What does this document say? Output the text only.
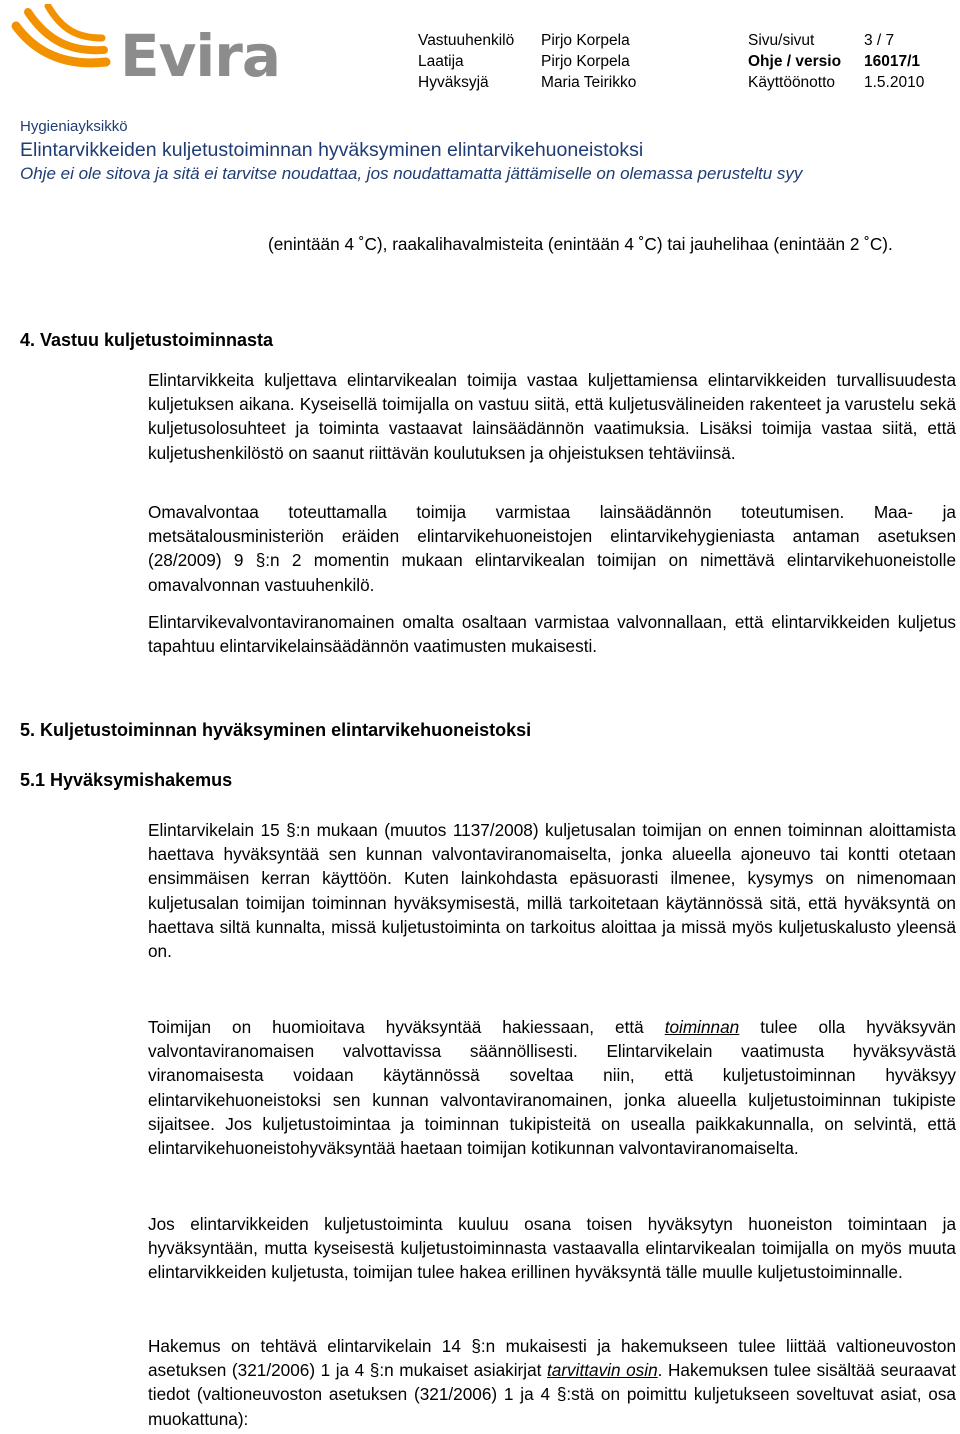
Evira	Vastuuhenkilö
Laatija
Hyväksyjä
Pirjo Korpela
Pirjo Korpela
Maria Teirikko
Sivu/sivut
Ohje / versio
Käyttöönotto
3 / 7
16017/1
1.5.2010
Hygieniayksikkö
Elintarvikkeiden kuljetustoiminnan hyväksyminen elintarvikehuoneistoksi
Ohje ei ole sitova ja sitä ei tarvitse noudattaa, jos noudattamatta jättämiselle on olemassa perusteltu syy
(enintään 4 ˚C), raakalihavalmisteita (enintään 4 ˚C) tai jauhelihaa (enintään 2 ˚C).
4. Vastuu kuljetustoiminnasta
Elintarvikkeita kuljettava elintarvikealan toimija vastaa kuljettamiensa elintarvikkeiden turvallisuudesta kuljetuksen aikana. Kyseisellä toimijalla on vastuu siitä, että kuljetusvälineiden rakenteet ja varustelu sekä kuljetusolosuhteet ja toiminta vastaavat lainsäädännön vaatimuksia. Lisäksi toimija vastaa siitä, että kuljetushenkilöstö on saanut riittävän koulutuksen ja ohjeistuksen tehtäviinsä.
Omavalvontaa toteuttamalla toimija varmistaa lainsäädännön toteutumisen. Maa- ja metsätalousministeriön eräiden elintarvikehuoneistojen elintarvikehygieniasta antaman asetuksen (28/2009) 9 §:n 2 momentin mukaan elintarvikealan toimijan on nimettävä elintarvikehuoneistolle omavalvonnan vastuuhenkilö.
Elintarvikevalvontaviranomainen omalta osaltaan varmistaa valvonnallaan, että elintarvikkeiden kuljetus tapahtuu elintarvikelainsäädännön vaatimusten mukaisesti.
5. Kuljetustoiminnan hyväksyminen elintarvikehuoneistoksi
5.1 Hyväksymishakemus
Elintarvikelain 15 §:n mukaan (muutos 1137/2008) kuljetusalan toimijan on ennen toiminnan aloittamista haettava hyväksyntää sen kunnan valvontaviranomaiselta, jonka alueella ajoneuvo tai kontti otetaan ensimmäisen kerran käyttöön. Kuten lainkohdasta epäsuorasti ilmenee, kysymys on nimenomaan kuljetusalan toimijan toiminnan hyväksymisestä, millä tarkoitetaan käytännössä sitä, että hyväksyntä on haettava siltä kunnalta, missä kuljetustoiminta on tarkoitus aloittaa ja missä myös kuljetuskalusto yleensä on.
Toimijan on huomioitava hyväksyntää hakiessaan, että toiminnan tulee olla hyväksyvän valvontaviranomaisen valvottavissa säännöllisesti. Elintarvikelain vaatimusta hyväksyvästä viranomaisesta voidaan käytännössä soveltaa niin, että kuljetustoiminnan hyväksyy elintarvikehuoneistoksi sen kunnan valvontaviranomainen, jonka alueella kuljetustoiminnan tukipiste sijaitsee. Jos kuljetustoimintaa ja toiminnan tukipisteitä on usealla paikkakunnalla, on selvintä, että elintarvikehuoneistohyväksyntää haetaan toimijan kotikunnan valvontaviranomaiselta.
Jos elintarvikkeiden kuljetustoiminta kuuluu osana toisen hyväksytyn huoneiston toimintaan ja hyväksyntään, mutta kyseisestä kuljetustoiminnasta vastaavalla elintarvikealan toimijalla on myös muuta elintarvikkeiden kuljetusta, toimijan tulee hakea erillinen hyväksyntä tälle muulle kuljetustoiminnalle.
Hakemus on tehtävä elintarvikelain 14 §:n mukaisesti ja hakemukseen tulee liittää valtioneuvoston asetuksen (321/2006) 1 ja 4 §:n mukaiset asiakirjat tarvittavin osin. Hakemuksen tulee sisältää seuraavat tiedot (valtioneuvoston asetuksen (321/2006) 1 ja 4 §:stä on poimittu kuljetukseen soveltuvat asiat, osa muokattuna):
